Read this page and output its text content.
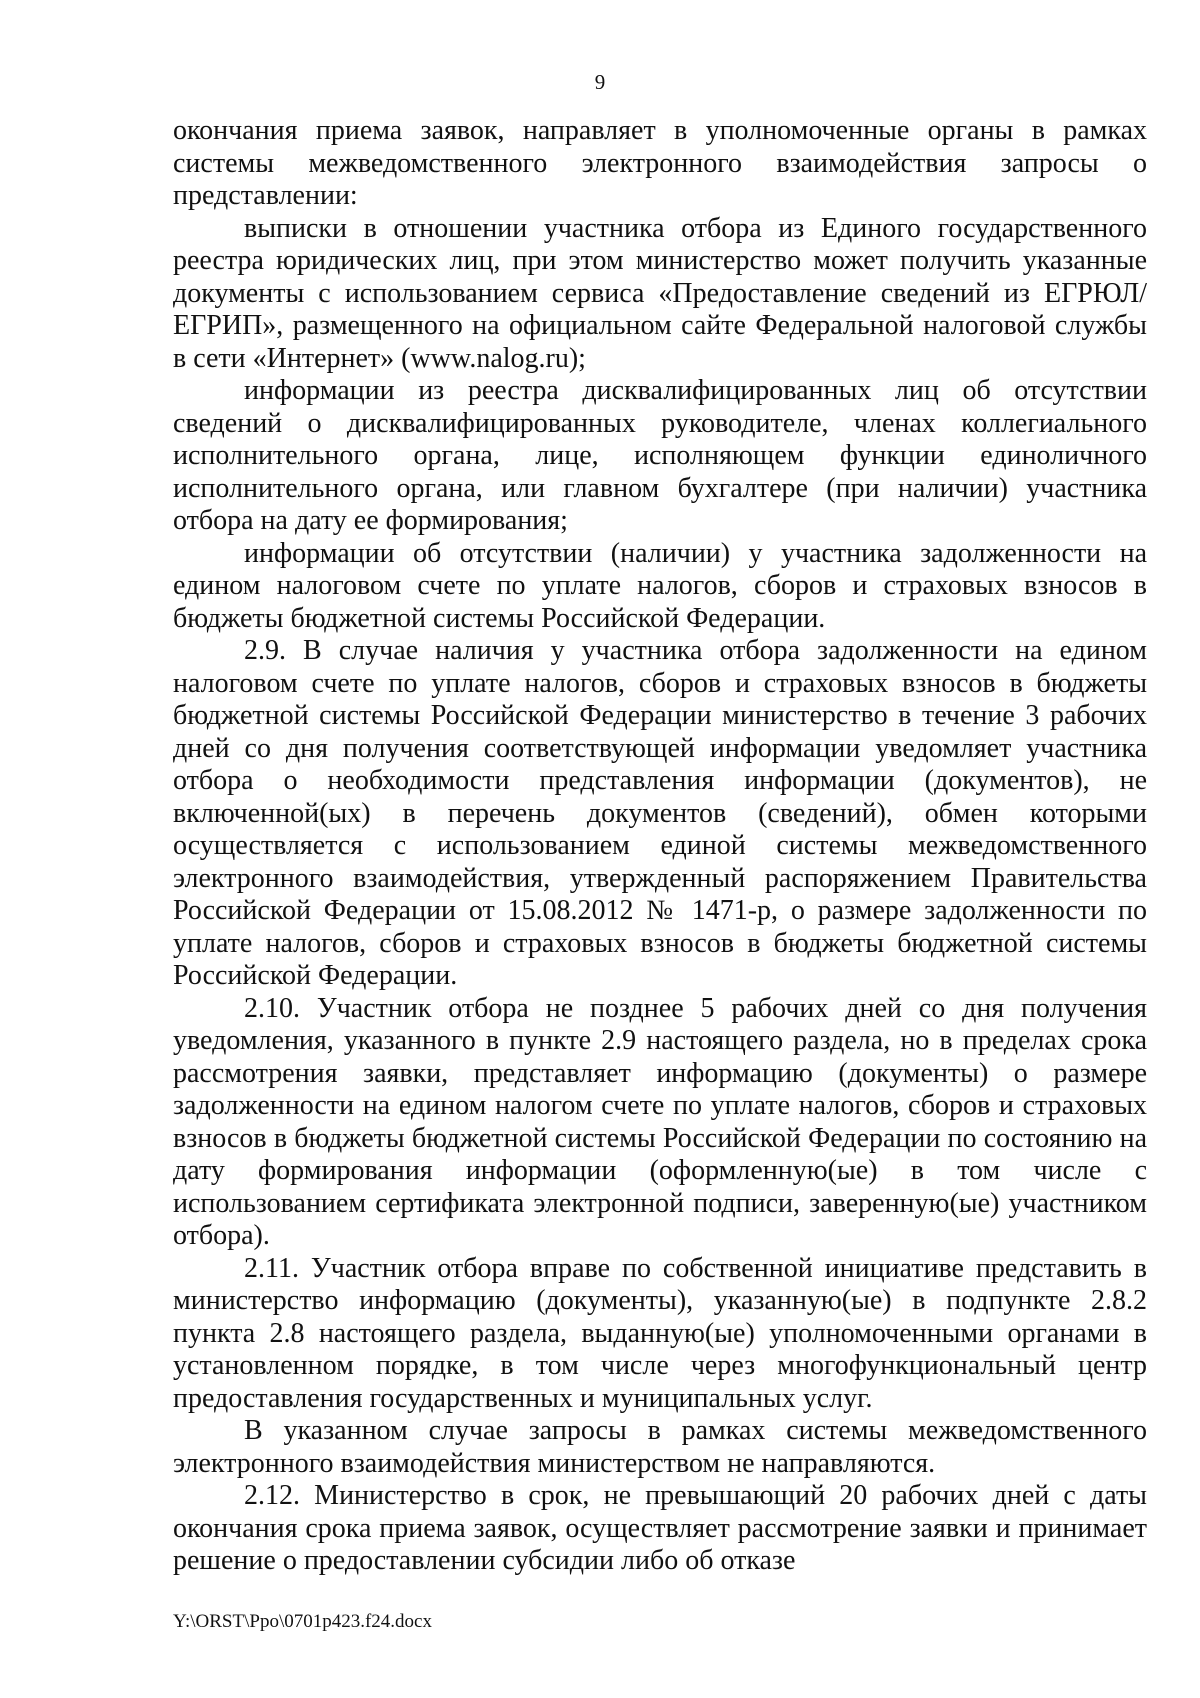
9

окончания приема заявок, направляет в уполномоченные органы в рамках системы межведомственного электронного взаимодействия запросы о представлении:

выписки в отношении участника отбора из Единого государственного реестра юридических лиц, при этом министерство может получить указанные документы с использованием сервиса «Предоставление сведений из ЕГРЮЛ/ЕГРИП», размещенного на официальном сайте Федеральной налоговой службы в сети «Интернет» (www.nalog.ru);

информации из реестра дисквалифицированных лиц об отсутствии сведений о дисквалифицированных руководителе, членах коллегиального исполнительного органа, лице, исполняющем функции единоличного исполнительного органа, или главном бухгалтере (при наличии) участника отбора на дату ее формирования;

информации об отсутствии (наличии) у участника задолженности на едином налоговом счете по уплате налогов, сборов и страховых взносов в бюджеты бюджетной системы Российской Федерации.

2.9. В случае наличия у участника отбора задолженности на едином налоговом счете по уплате налогов, сборов и страховых взносов в бюджеты бюджетной системы Российской Федерации министерство в течение 3 рабочих дней со дня получения соответствующей информации уведомляет участника отбора о необходимости представления информации (документов), не включенной(ых) в перечень документов (сведений), обмен которыми осуществляется с использованием единой системы межведомственного электронного взаимодействия, утвержденный распоряжением Правительства Российской Федерации от 15.08.2012 № 1471-р, о размере задолженности по уплате налогов, сборов и страховых взносов в бюджеты бюджетной системы Российской Федерации.

2.10. Участник отбора не позднее 5 рабочих дней со дня получения уведомления, указанного в пункте 2.9 настоящего раздела, но в пределах срока рассмотрения заявки, представляет информацию (документы) о размере задолженности на едином налогом счете по уплате налогов, сборов и страховых взносов в бюджеты бюджетной системы Российской Федерации по состоянию на дату формирования информации (оформленную(ые) в том числе с использованием сертификата электронной подписи, заверенную(ые) участником отбора).

2.11. Участник отбора вправе по собственной инициативе представить в министерство информацию (документы), указанную(ые) в подпункте 2.8.2 пункта 2.8 настоящего раздела, выданную(ые) уполномоченными органами в установленном порядке, в том числе через многофункциональный центр предоставления государственных и муниципальных услуг.

В указанном случае запросы в рамках системы межведомственного электронного взаимодействия министерством не направляются.

2.12. Министерство в срок, не превышающий 20 рабочих дней с даты окончания срока приема заявок, осуществляет рассмотрение заявки и принимает решение о предоставлении субсидии либо об отказе

Y:\ORST\Ppo\0701p423.f24.docx
